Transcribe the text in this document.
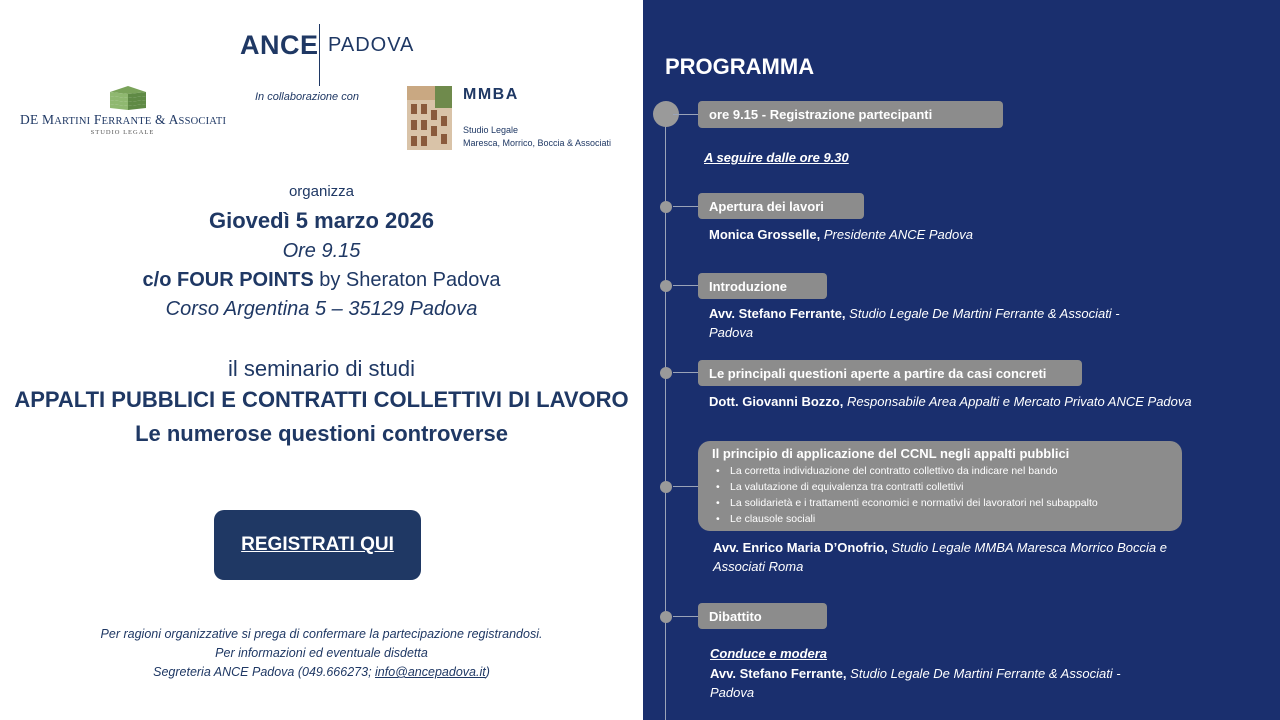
ANCE PADOVA
In collaborazione con
DE MARTINI FERRANTE & ASSOCIATI
STUDIO LEGALE
MMBA
Studio Legale
Maresca, Morrico, Boccia & Associati
organizza
Giovedì 5 marzo 2026
Ore 9.15
c/o FOUR POINTS by Sheraton Padova
Corso Argentina 5 – 35129 Padova
il seminario di studi
APPALTI PUBBLICI E CONTRATTI COLLETTIVI DI LAVORO
Le numerose questioni controverse
REGISTRATI QUI
Per ragioni organizzative si prega di confermare la partecipazione registrandosi.
Per informazioni ed eventuale disdetta
Segreteria ANCE Padova (049.666273; info@ancepadova.it)
PROGRAMMA
ore 9.15 - Registrazione partecipanti
A seguire dalle ore 9.30
Apertura dei lavori
Monica Grosselle, Presidente ANCE Padova
Introduzione
Avv. Stefano Ferrante, Studio Legale De Martini Ferrante & Associati -
Padova
Le principali questioni aperte a partire da casi concreti
Dott. Giovanni Bozzo, Responsabile Area Appalti e Mercato Privato ANCE Padova
Il principio di applicazione del CCNL negli appalti pubblici
• La corretta individuazione del contratto collettivo da indicare nel bando
• La valutazione di equivalenza tra contratti collettivi
• La solidarietà e i trattamenti economici e normativi dei lavoratori nel subappalto
• Le clausole sociali
Avv. Enrico Maria D’Onofrio, Studio Legale MMBA Maresca Morrico Boccia e
Associati Roma
Dibattito
Conduce e modera
Avv. Stefano Ferrante, Studio Legale De Martini Ferrante & Associati -
Padova
